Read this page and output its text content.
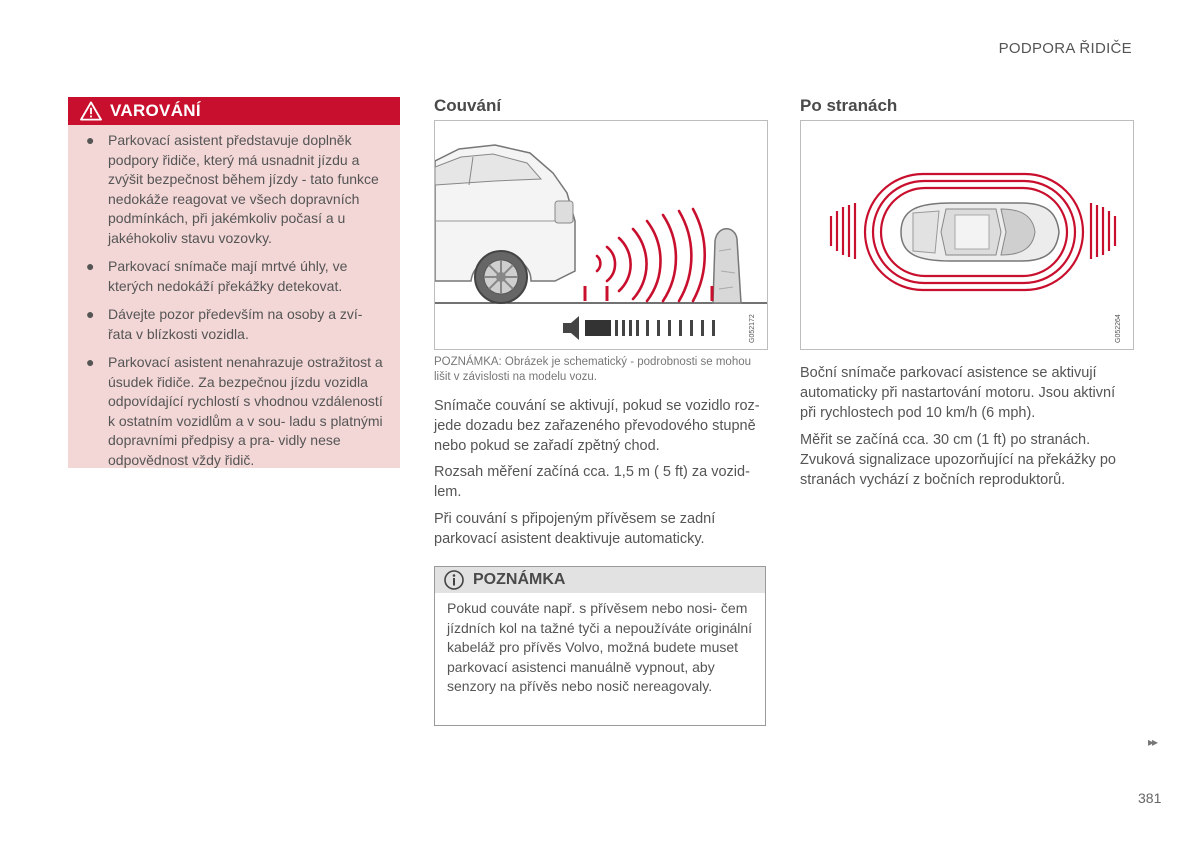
PODPORA ŘIDIČE
VAROVÁNÍ
● Parkovací asistent představuje doplněk podpory řidiče, který má usnadnit jízdu a zvýšit bezpečnost během jízdy - tato funkce nedokáže reagovat ve všech dopravních podmínkách, při jakémkoliv počasí a u jakéhokoliv stavu vozovky.
● Parkovací snímače mají mrtvé úhly, ve kterých nedokáží překážky detekovat.
● Dávejte pozor především na osoby a zví- řata v blízkosti vozidla.
● Parkovací asistent nenahrazuje ostražitost a úsudek řidiče. Za bezpečnou jízdu vozidla odpovídající rychlostí s vhodnou vzdáleností k ostatním vozidlům a v sou- ladu s platnými dopravními předpisy a pra- vidly nese odpovědnost vždy řidič.
Couvání
G052172
POZNÁMKA: Obrázek je schematický - podrobnosti se mohou lišit v závislosti na modelu vozu.

Snímače couvání se aktivují, pokud se vozidlo roz- jede dozadu bez zařazeného převodového stupně nebo pokud se zařadí zpětný chod.

Rozsah měření začíná cca. 1,5 m ( 5 ft) za vozid- lem.

Při couvání s připojeným přívěsem se zadní parkovací asistent deaktivuje automaticky.

POZNÁMKA
Pokud couváte např. s přívěsem nebo nosi- čem jízdních kol na tažné tyči a nepoužíváte originální kabeláž pro přívěs Volvo, možná budete muset parkovací asistenci manuálně vypnout, aby senzory na přívěs nebo nosič nereagovaly.
Po stranách
G052264

Boční snímače parkovací asistence se aktivují automaticky při nastartování motoru. Jsou aktivní při rychlostech pod 10 km/h (6 mph).

Měřit se začíná cca. 30 cm (1 ft) po stranách. Zvuková signalizace upozorňující na překážky po stranách vychází z bočních reproduktorů.

▸▸
381
